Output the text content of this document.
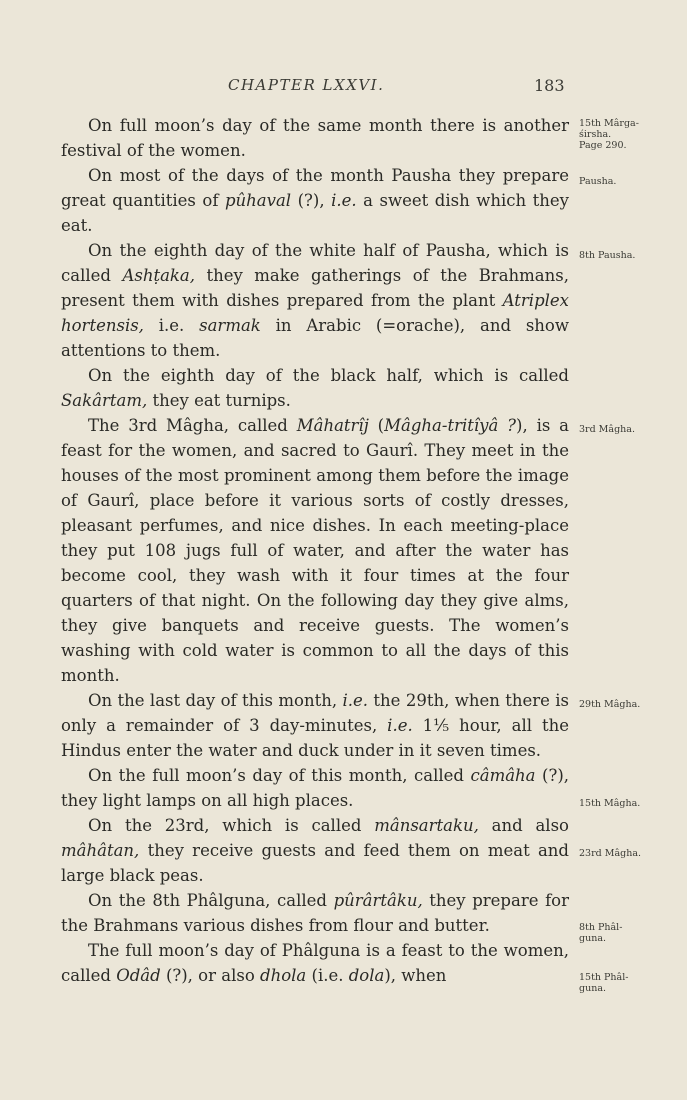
CHAPTER LXXVI.	183

On full moon’s day of the same month there is another festival of the women.

On most of the days of the month Pausha they prepare great quantities of pûhaval (?), i.e. a sweet dish which they eat.

On the eighth day of the white half of Pausha, which is called Ashṭaka, they make gatherings of the Brahmans, present them with dishes prepared from the plant Atriplex hortensis, i.e. sarmak in Arabic (=orache), and show attentions to them.

On the eighth day of the black half, which is called Sakârtam, they eat turnips.

The 3rd Mâgha, called Mâhatrîj (Mâgha-tritîyâ ?), is a feast for the women, and sacred to Gaurî. They meet in the houses of the most prominent among them before the image of Gaurî, place before it various sorts of costly dresses, pleasant perfumes, and nice dishes. In each meeting-place they put 108 jugs full of water, and after the water has become cool, they wash with it four times at the four quarters of that night. On the following day they give alms, they give banquets and receive guests. The women’s washing with cold water is common to all the days of this month.

On the last day of this month, i.e. the 29th, when there is only a remainder of 3 day-minutes, i.e. 1⅕ hour, all the Hindus enter the water and duck under in it seven times.

On the full moon’s day of this month, called câmâha (?), they light lamps on all high places.

On the 23rd, which is called mânsartaku, and also mâhâtan, they receive guests and feed them on meat and large black peas.

On the 8th Phâlguna, called pûrârtâku, they prepare for the Brahmans various dishes from flour and butter.

The full moon’s day of Phâlguna is a feast to the women, called Odâd (?), or also dhola (i.e. dola), when

15th Mârga-
śirsha.
Page 290.
Pausha.
8th Pausha.
3rd Mâgha.
29th Mâgha.
15th Mâgha.
23rd Mâgha.
8th Phâl-
guna.
15th Phâl-
guna.
